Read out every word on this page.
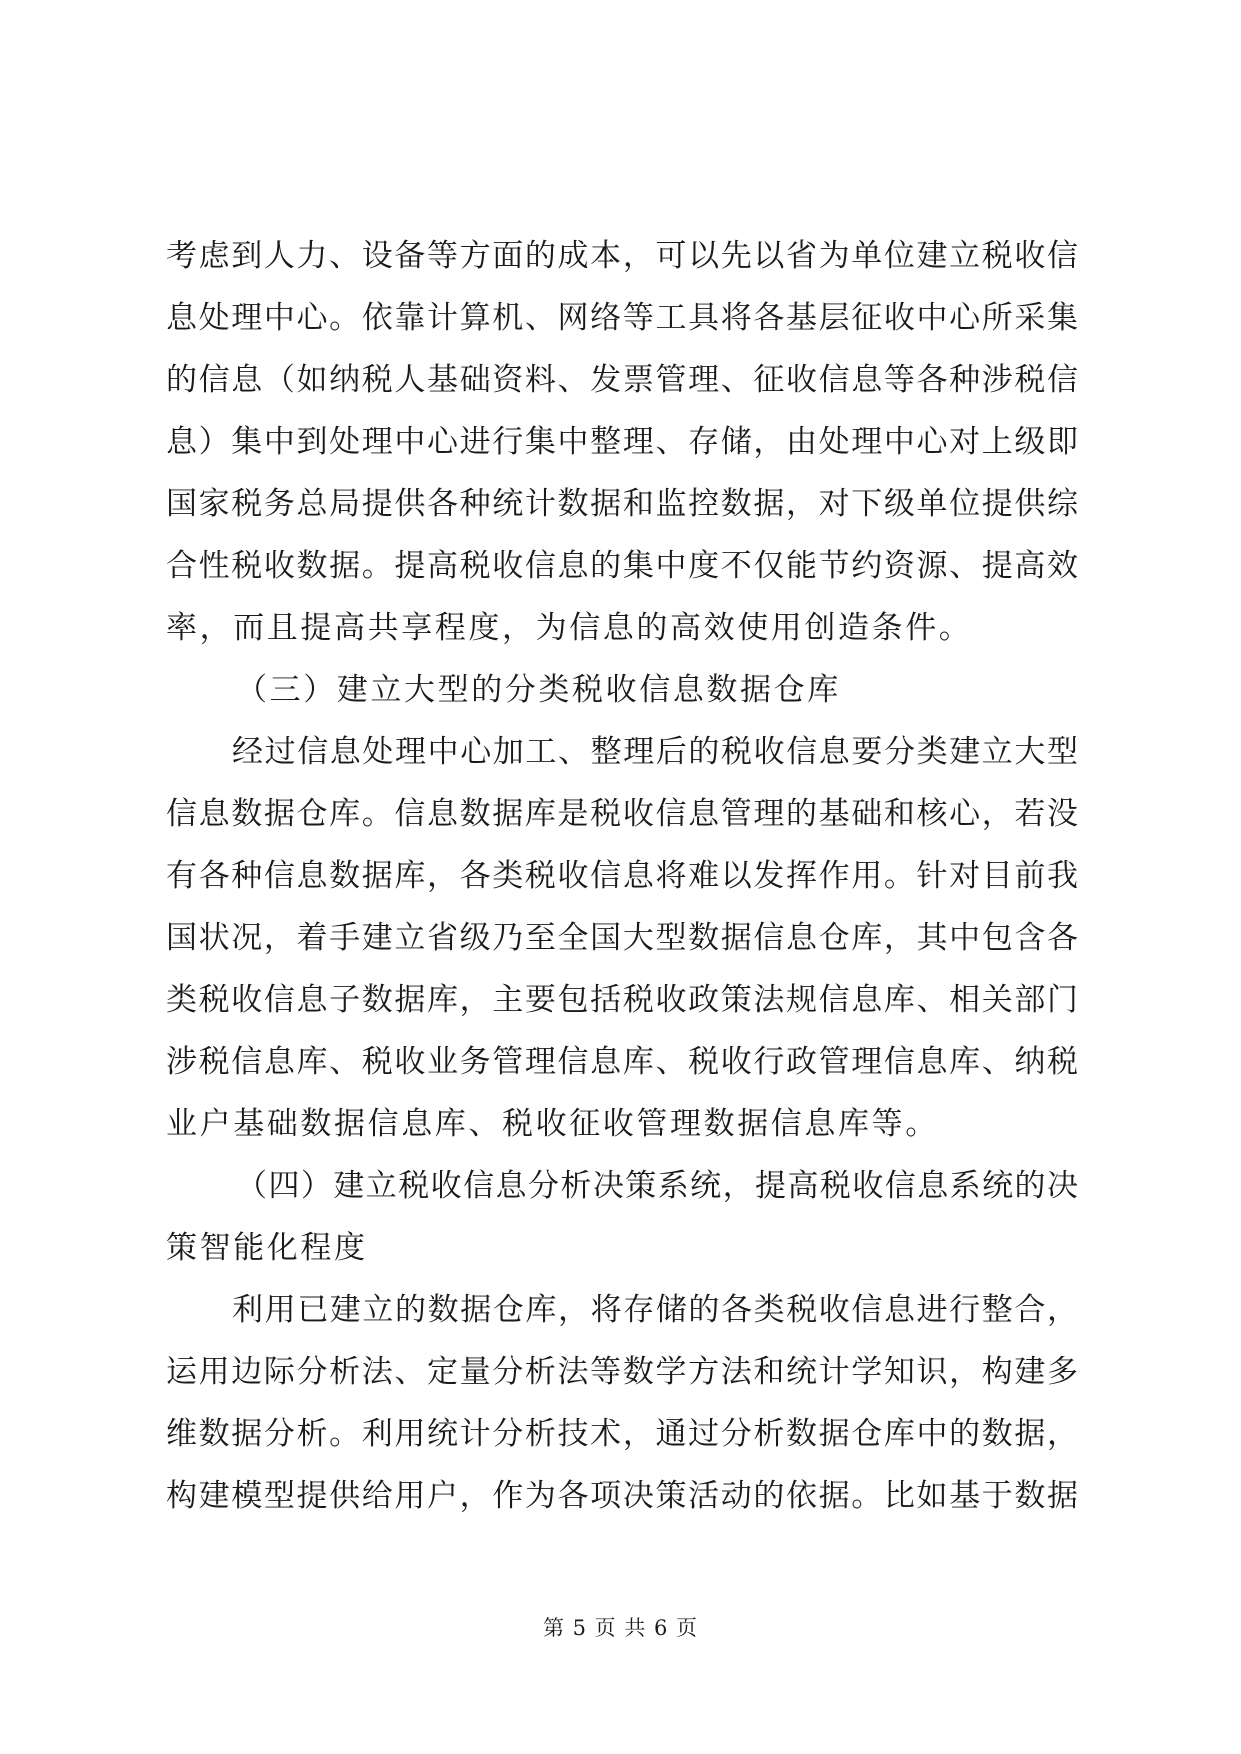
考虑到人力、设备等方面的成本，可以先以省为单位建立税收信
息处理中心。依靠计算机、网络等工具将各基层征收中心所采集
的信息（如纳税人基础资料、发票管理、征收信息等各种涉税信
息）集中到处理中心进行集中整理、存储，由处理中心对上级即
国家税务总局提供各种统计数据和监控数据，对下级单位提供综
合性税收数据。提高税收信息的集中度不仅能节约资源、提高效
率，而且提高共享程度，为信息的高效使用创造条件。
（三）建立大型的分类税收信息数据仓库
经过信息处理中心加工、整理后的税收信息要分类建立大型
信息数据仓库。信息数据库是税收信息管理的基础和核心，若没
有各种信息数据库，各类税收信息将难以发挥作用。针对目前我
国状况，着手建立省级乃至全国大型数据信息仓库，其中包含各
类税收信息子数据库，主要包括税收政策法规信息库、相关部门
涉税信息库、税收业务管理信息库、税收行政管理信息库、纳税
业户基础数据信息库、税收征收管理数据信息库等。
（四）建立税收信息分析决策系统，提高税收信息系统的决
策智能化程度
利用已建立的数据仓库，将存储的各类税收信息进行整合，
运用边际分析法、定量分析法等数学方法和统计学知识，构建多
维数据分析。利用统计分析技术，通过分析数据仓库中的数据，
构建模型提供给用户，作为各项决策活动的依据。比如基于数据
第 5 页 共 6 页
